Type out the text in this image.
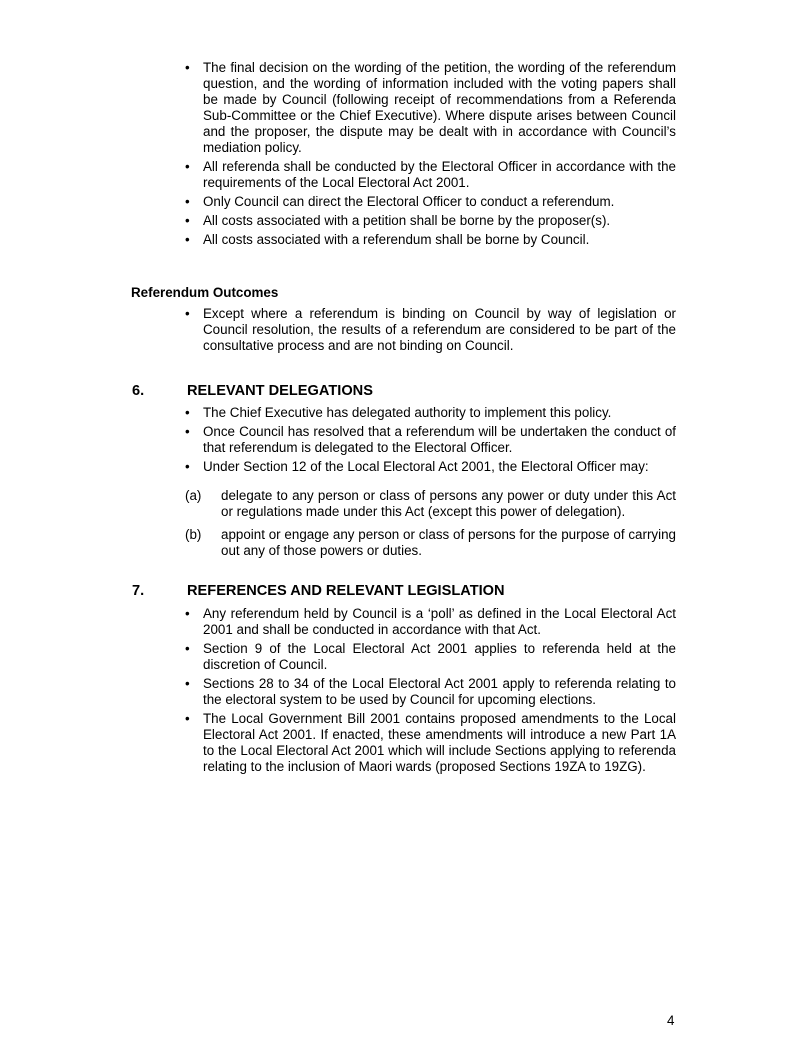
• The final decision on the wording of the petition, the wording of the referendum question, and the wording of information included with the voting papers shall be made by Council (following receipt of recommendations from a Referenda Sub-Committee or the Chief Executive). Where dispute arises between Council and the proposer, the dispute may be dealt with in accordance with Council’s mediation policy.
• All referenda shall be conducted by the Electoral Officer in accordance with the requirements of the Local Electoral Act 2001.
• Only Council can direct the Electoral Officer to conduct a referendum.
• All costs associated with a petition shall be borne by the proposer(s).
• All costs associated with a referendum shall be borne by Council.
Referendum Outcomes
• Except where a referendum is binding on Council by way of legislation or Council resolution, the results of a referendum are considered to be part of the consultative process and are not binding on Council.
6.	RELEVANT DELEGATIONS
• The Chief Executive has delegated authority to implement this policy.
• Once Council has resolved that a referendum will be undertaken the conduct of that referendum is delegated to the Electoral Officer.
• Under Section 12 of the Local Electoral Act 2001, the Electoral Officer may:
(a) delegate to any person or class of persons any power or duty under this Act or regulations made under this Act (except this power of delegation).
(b) appoint or engage any person or class of persons for the purpose of carrying out any of those powers or duties.
7.	REFERENCES AND RELEVANT LEGISLATION
• Any referendum held by Council is a ‘poll’ as defined in the Local Electoral Act 2001 and shall be conducted in accordance with that Act.
• Section 9 of the Local Electoral Act 2001 applies to referenda held at the discretion of Council.
• Sections 28 to 34 of the Local Electoral Act 2001 apply to referenda relating to the electoral system to be used by Council for upcoming elections.
• The Local Government Bill 2001 contains proposed amendments to the Local Electoral Act 2001. If enacted, these amendments will introduce a new Part 1A to the Local Electoral Act 2001 which will include Sections applying to referenda relating to the inclusion of Maori wards (proposed Sections 19ZA to 19ZG).
4
